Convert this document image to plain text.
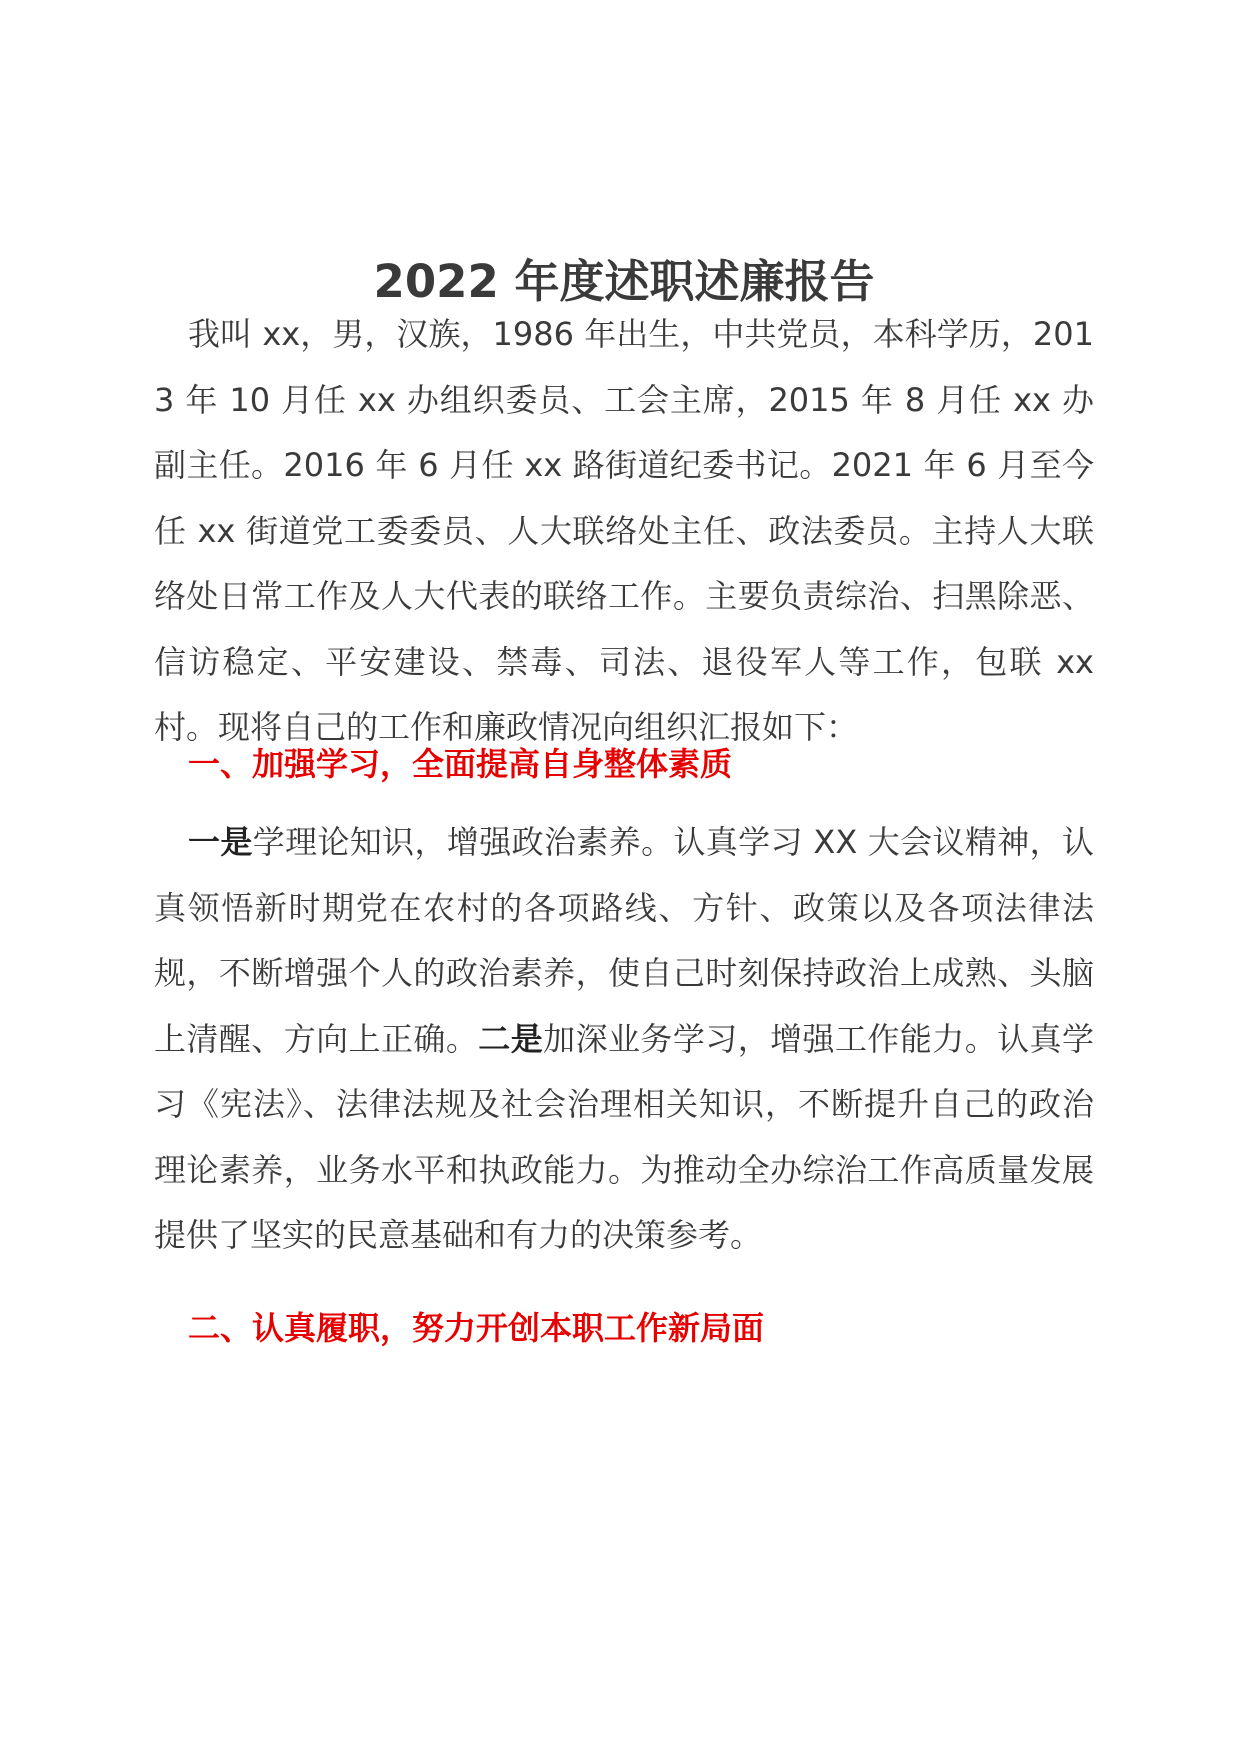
2022 年度述职述廉报告

我叫 xx，男，汉族，1986 年出生，中共党员，本科学历，2013 年 10 月任 xx 办组织委员、工会主席，2015 年 8 月任 xx 办副主任。2016 年 6 月任 xx 路街道纪委书记。2021 年 6 月至今任 xx 街道党工委委员、人大联络处主任、政法委员。主持人大联络处日常工作及人大代表的联络工作。主要负责综治、扫黑除恶、信访稳定、平安建设、禁毒、司法、退役军人等工作，包联 xx 村。现将自己的工作和廉政情况向组织汇报如下：

一、加强学习，全面提高自身整体素质

一是学理论知识，增强政治素养。认真学习 XX 大会议精神，认真领悟新时期党在农村的各项路线、方针、政策以及各项法律法规，不断增强个人的政治素养，使自己时刻保持政治上成熟、头脑上清醒、方向上正确。二是加深业务学习，增强工作能力。认真学习《宪法》、法律法规及社会治理相关知识，不断提升自己的政治理论素养，业务水平和执政能力。为推动全办综治工作高质量发展提供了坚实的民意基础和有力的决策参考。

二、认真履职，努力开创本职工作新局面
